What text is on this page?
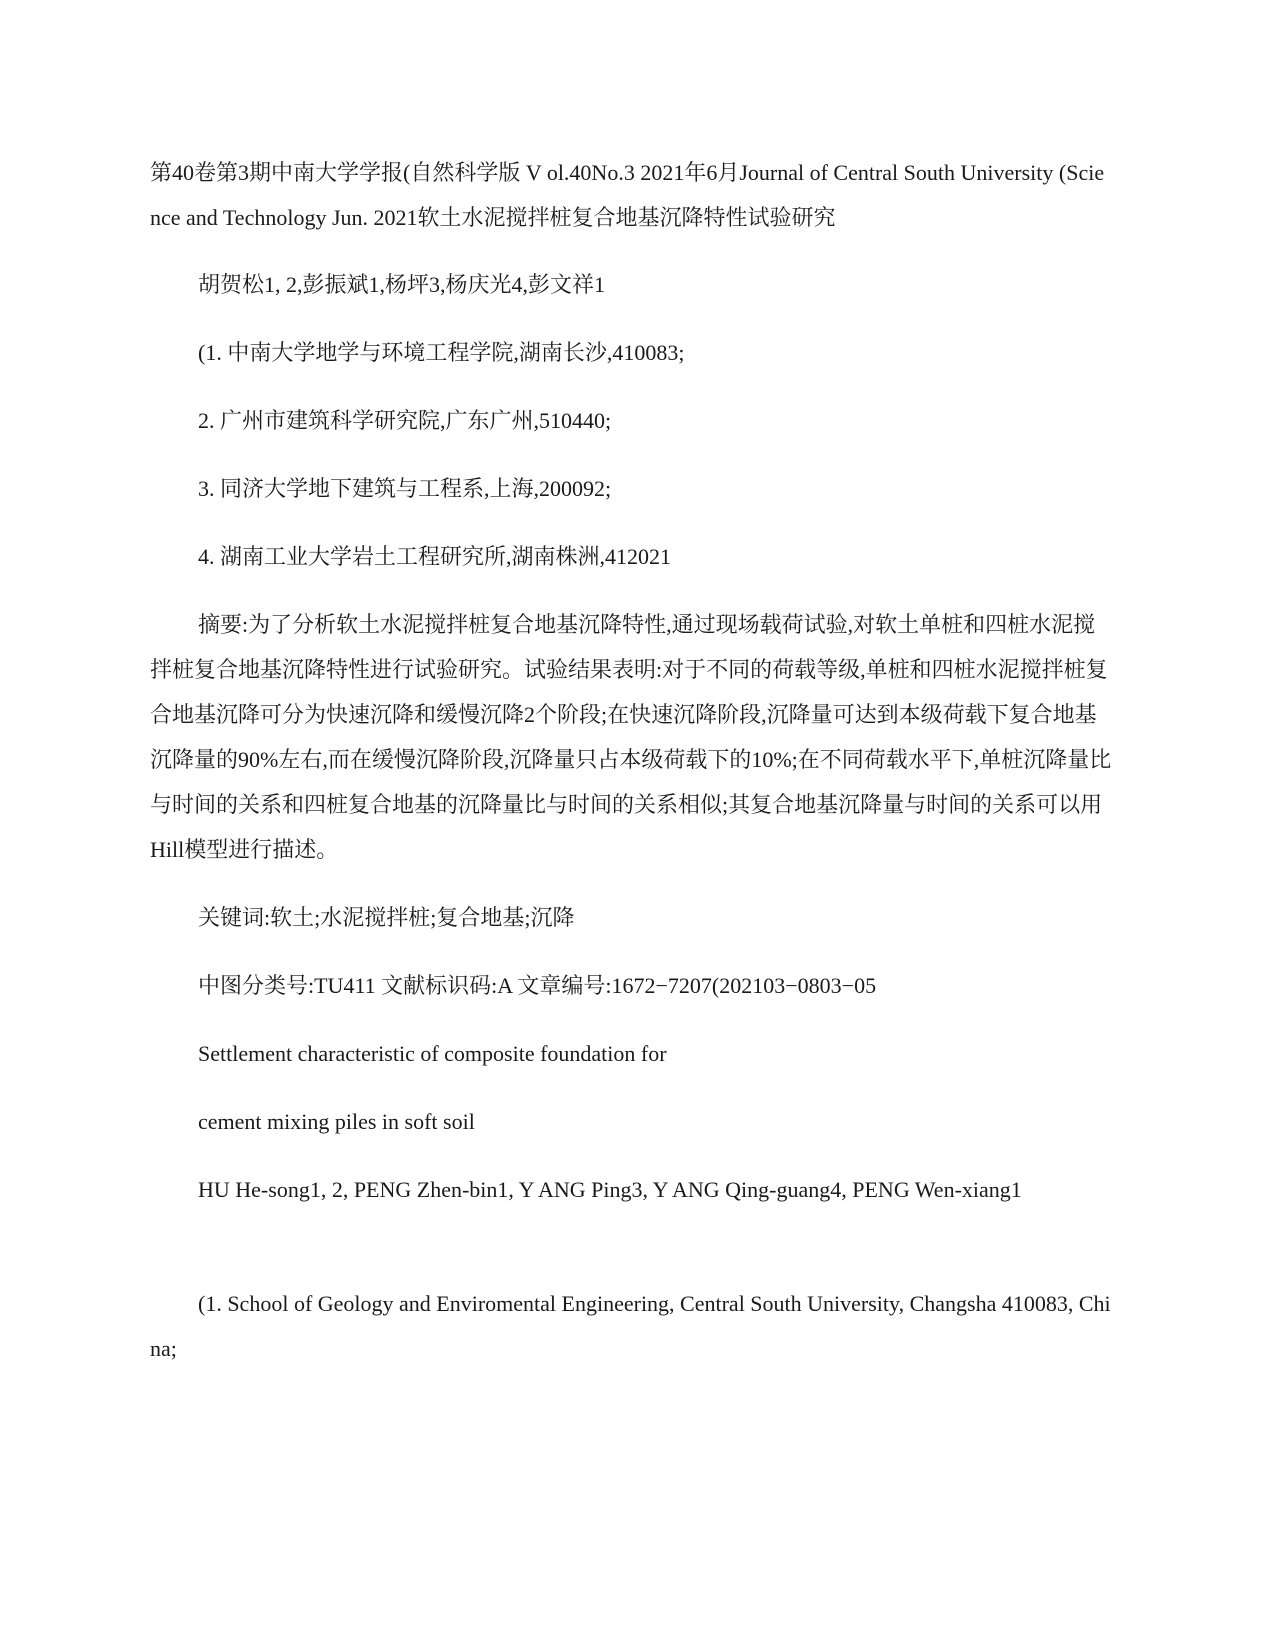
第40卷第3期中南大学学报(自然科学版 V ol.40No.3 2021年6月Journal of Central South University (Science and Technology Jun. 2021软土水泥搅拌桩复合地基沉降特性试验研究

胡贺松1, 2,彭振斌1,杨坪3,杨庆光4,彭文祥1

(1. 中南大学地学与环境工程学院,湖南长沙,410083;

2. 广州市建筑科学研究院,广东广州,510440;

3. 同济大学地下建筑与工程系,上海,200092;

4. 湖南工业大学岩土工程研究所,湖南株洲,412021

摘要:为了分析软土水泥搅拌桩复合地基沉降特性,通过现场载荷试验,对软土单桩和四桩水泥搅拌桩复合地基沉降特性进行试验研究。试验结果表明:对于不同的荷载等级,单桩和四桩水泥搅拌桩复合地基沉降可分为快速沉降和缓慢沉降2个阶段;在快速沉降阶段,沉降量可达到本级荷载下复合地基沉降量的90%左右,而在缓慢沉降阶段,沉降量只占本级荷载下的10%;在不同荷载水平下,单桩沉降量比与时间的关系和四桩复合地基的沉降量比与时间的关系相似;其复合地基沉降量与时间的关系可以用Hill模型进行描述。

关键词:软土;水泥搅拌桩;复合地基;沉降

中图分类号:TU411 文献标识码:A 文章编号:1672−7207(202103−0803−05

Settlement characteristic of composite foundation for

cement mixing piles in soft soil

HU He-song1, 2, PENG Zhen-bin1, Y ANG Ping3, Y ANG Qing-guang4, PENG Wen-xiang1

(1. School of Geology and Enviromental Engineering, Central South University, Changsha 410083, China;
